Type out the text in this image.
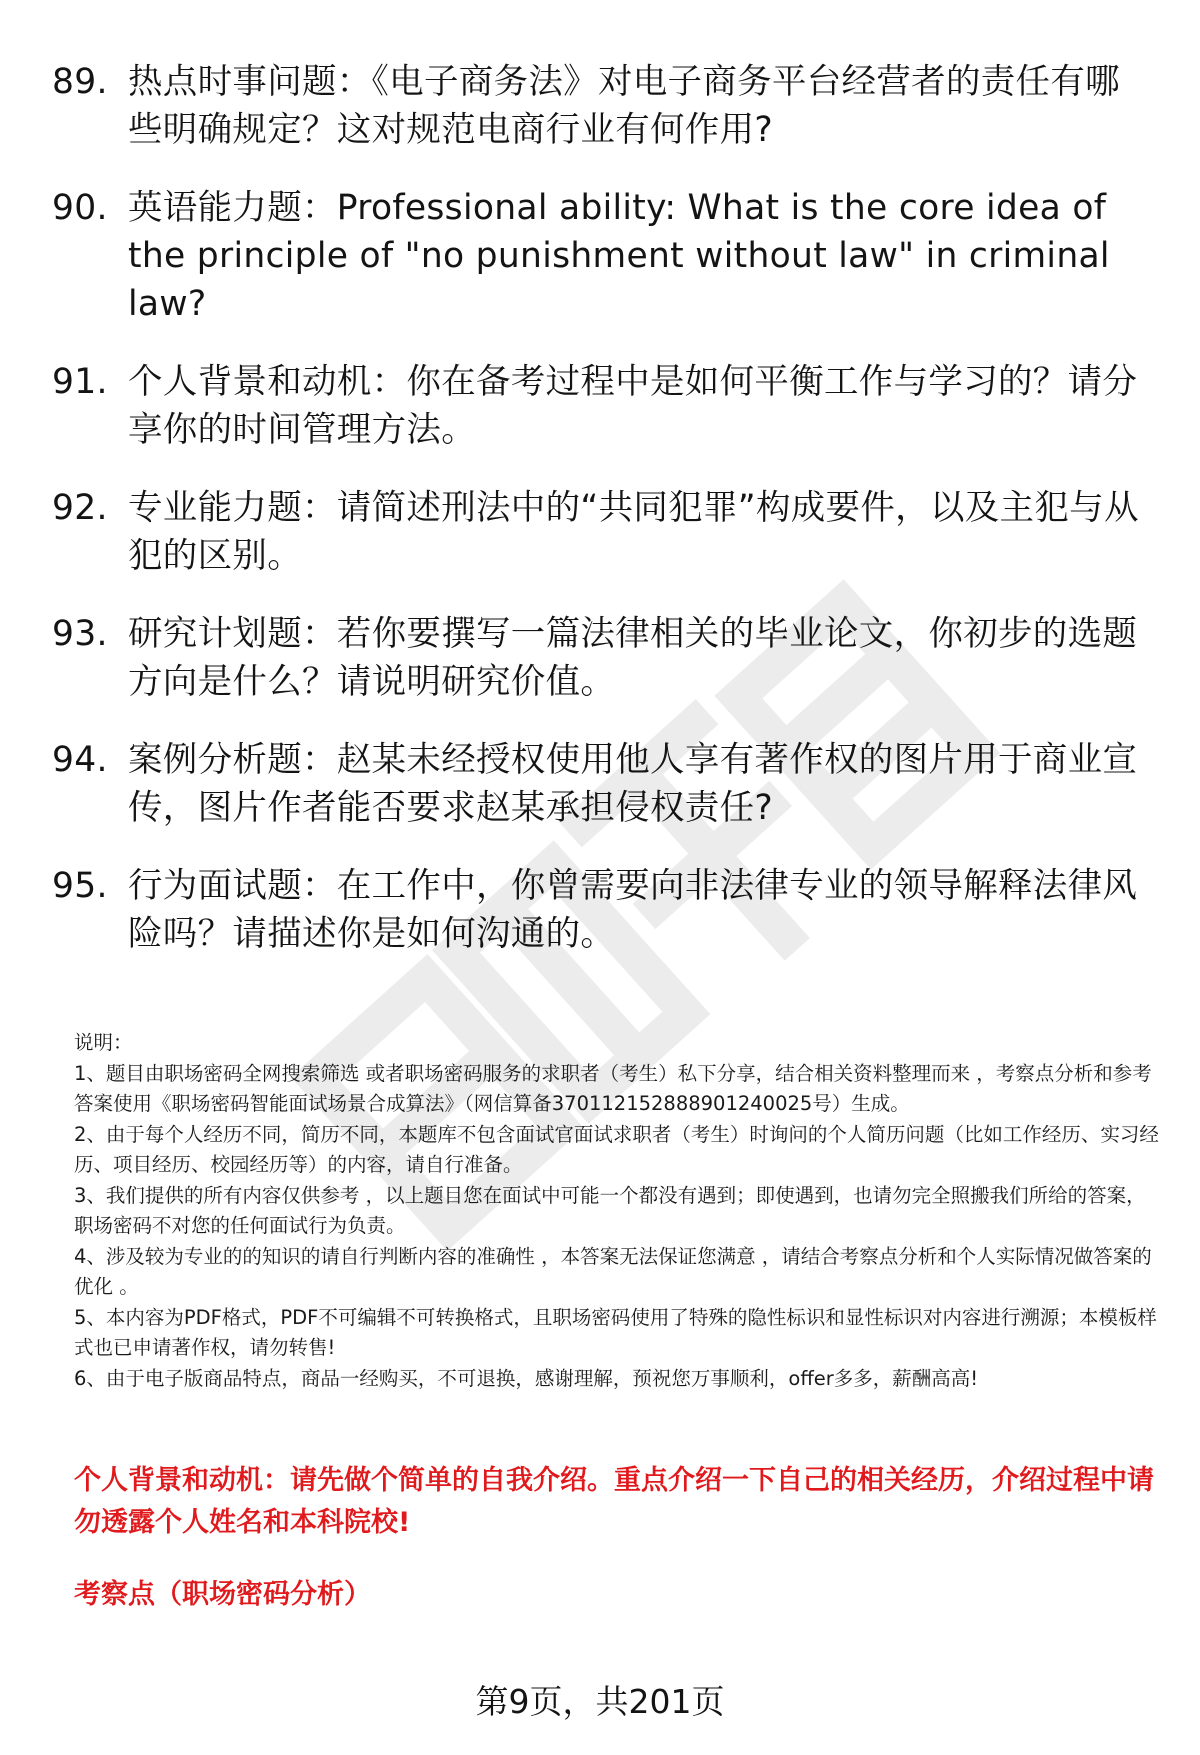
89. 热点时事问题：《电子商务法》对电子商务平台经营者的责任有哪些明确规定？这对规范电商行业有何作用?
90. 英语能力题：Professional ability: What is the core idea of the principle of "no punishment without law" in criminal law?
91. 个人背景和动机：你在备考过程中是如何平衡工作与学习的？请分享你的时间管理方法。
92. 专业能力题：请简述刑法中的“共同犯罪”构成要件，以及主犯与从犯的区别。
93. 研究计划题：若你要撰写一篇法律相关的毕业论文，你初步的选题方向是什么？请说明研究价值。
94. 案例分析题：赵某未经授权使用他人享有著作权的图片用于商业宣传，图片作者能否要求赵某承担侵权责任?
95. 行为面试题：在工作中，你曾需要向非法律专业的领导解释法律风险吗？请描述你是如何沟通的。

说明：

1、题目由职场密码全网搜索筛选 或者职场密码服务的求职者（考生）私下分享，结合相关资料整理而来 ，考察点分析和参考答案使用《职场密码智能面试场景合成算法》（网信算备370112152888901240025号）生成。

2、由于每个人经历不同，简历不同，本题库不包含面试官面试求职者（考生）时询问的个人简历问题（比如工作经历、实习经历、项目经历、校园经历等）的内容，请自行准备。

3、我们提供的所有内容仅供参考 ，以上题目您在面试中可能一个都没有遇到；即使遇到，也请勿完全照搬我们所给的答案，职场密码不对您的任何面试行为负责。

4、涉及较为专业的的知识的请自行判断内容的准确性 ，本答案无法保证您满意 ，请结合考察点分析和个人实际情况做答案的优化 。

5、本内容为PDF格式，PDF不可编辑不可转换格式，且职场密码使用了特殊的隐性标识和显性标识对内容进行溯源；本模板样式也已申请著作权，请勿转售!

6、由于电子版商品特点，商品一经购买，不可退换，感谢理解，预祝您万事顺利，offer多多，薪酬高高!

个人背景和动机：请先做个简单的自我介绍。重点介绍一下自己的相关经历，介绍过程中请勿透露个人姓名和本科院校!
考察点（职场密码分析）
第9页，共201页
